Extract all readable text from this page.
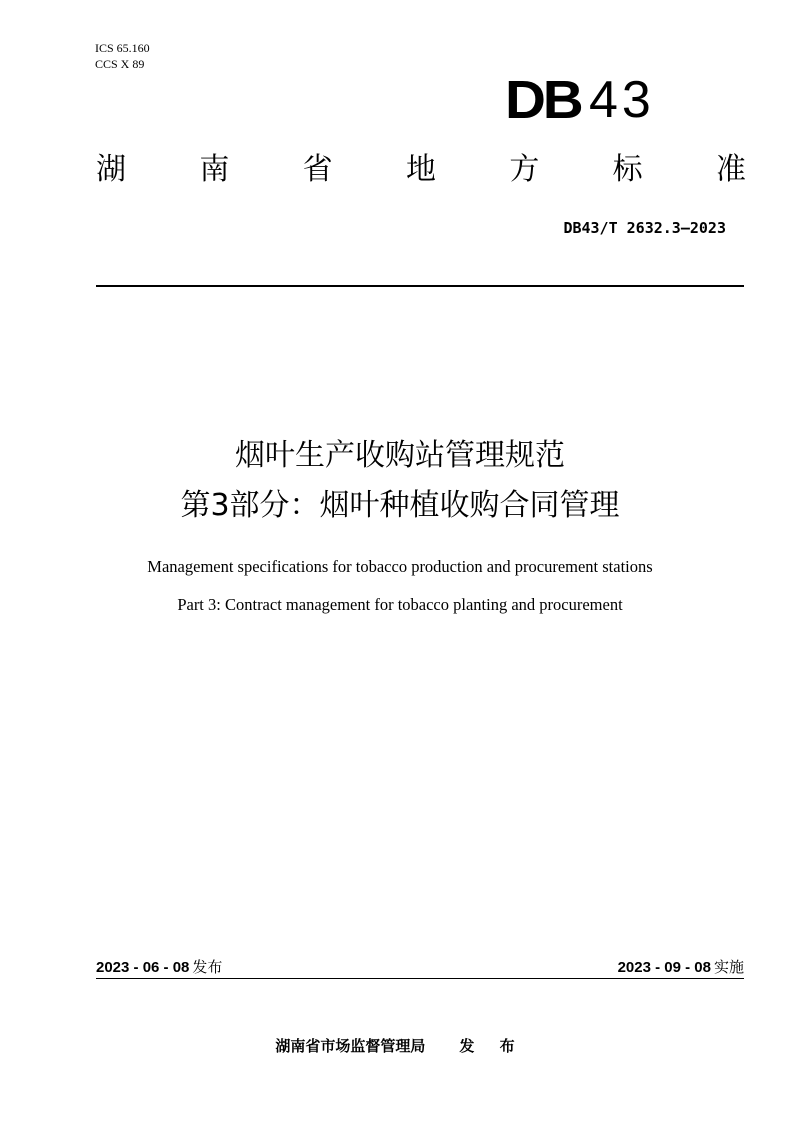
ICS 65.160
CCS X 89
DB 43
湖 南 省 地 方 标 准
DB43/T 2632.3—2023
烟叶生产收购站管理规范
第3部分：烟叶种植收购合同管理
Management specifications for tobacco production and procurement stations
Part 3: Contract management for tobacco planting and procurement
2023 - 06 - 08 发布	2023 - 09 - 08 实施
湖南省市场监督管理局 发 布
